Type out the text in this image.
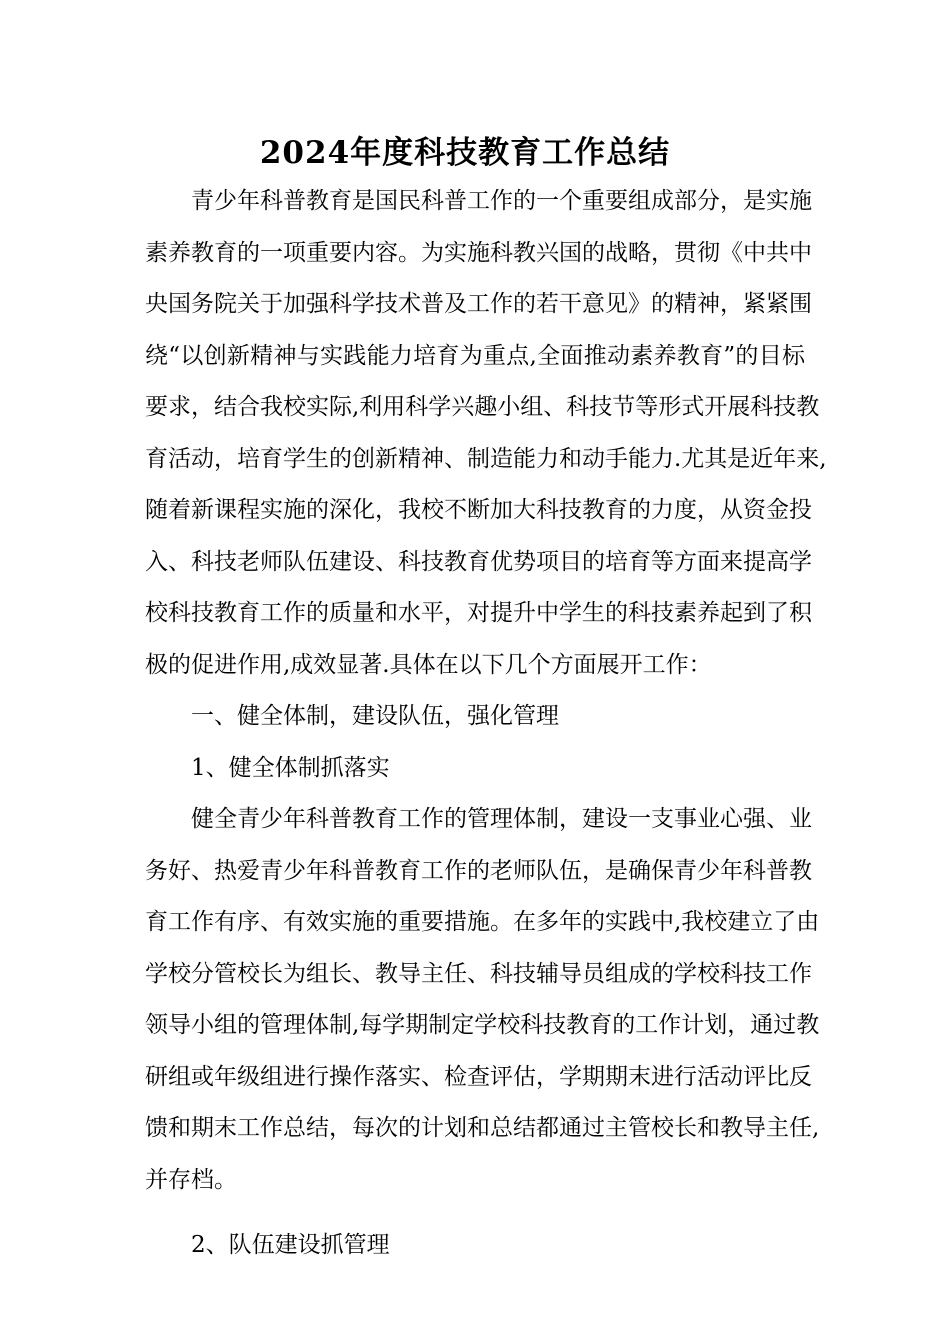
2024年度科技教育工作总结
青少年科普教育是国民科普工作的一个重要组成部分，是实施
素养教育的一项重要内容。为实施科教兴国的战略，贯彻《中共中
央国务院关于加强科学技术普及工作的若干意见》的精神，紧紧围
绕“以创新精神与实践能力培育为重点,全面推动素养教育”的目标
要求，结合我校实际,利用科学兴趣小组、科技节等形式开展科技教
育活动，培育学生的创新精神、制造能力和动手能力.尤其是近年来,
随着新课程实施的深化，我校不断加大科技教育的力度，从资金投
入、科技老师队伍建设、科技教育优势项目的培育等方面来提高学
校科技教育工作的质量和水平，对提升中学生的科技素养起到了积
极的促进作用,成效显著.具体在以下几个方面展开工作：
一、健全体制，建设队伍，强化管理
1、健全体制抓落实
健全青少年科普教育工作的管理体制，建设一支事业心强、业
务好、热爱青少年科普教育工作的老师队伍，是确保青少年科普教
育工作有序、有效实施的重要措施。在多年的实践中,我校建立了由
学校分管校长为组长、教导主任、科技辅导员组成的学校科技工作
领导小组的管理体制,每学期制定学校科技教育的工作计划，通过教
研组或年级组进行操作落实、检查评估，学期期末进行活动评比反
馈和期末工作总结，每次的计划和总结都通过主管校长和教导主任,
并存档。
2、队伍建设抓管理
